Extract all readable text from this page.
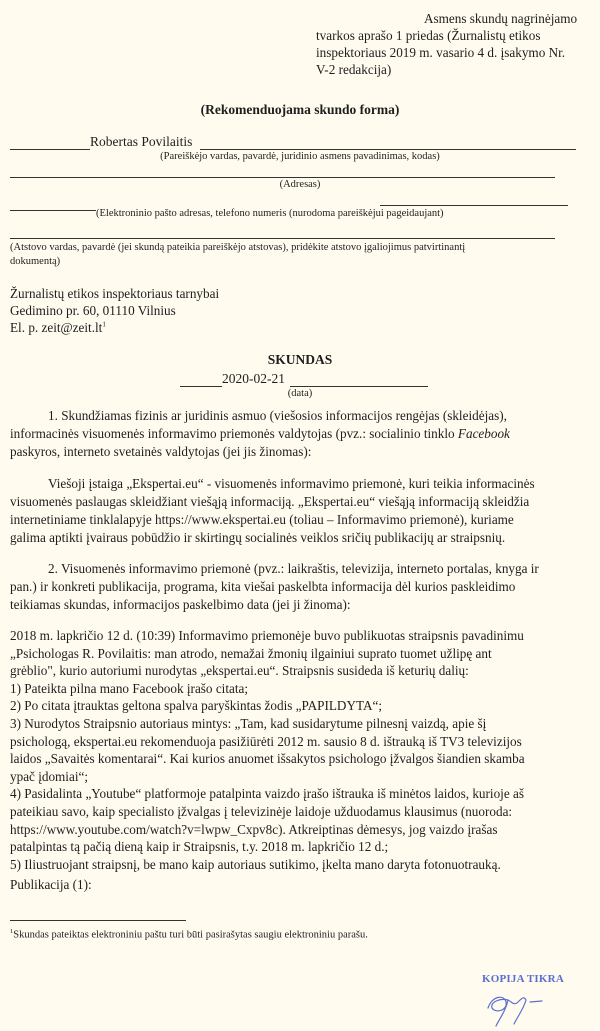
Asmens skundų nagrinėjamo
tvarkos aprašo 1 priedas (Žurnalistų etikos
inspektoriaus 2019 m. vasario 4 d. įsakymo Nr.
V-2 redakcija)
(Rekomenduojama skundo forma)
Robertas Povilaitis
(Pareiškėjo vardas, pavardė, juridinio asmens pavadinimas, kodas)
(Adresas)
(Elektroninio pašto adresas, telefono numeris (nurodoma pareiškėjui pageidaujant)
(Atstovo vardas, pavardė (jei skundą pateikia pareiškėjo atstovas), pridėkite atstovo įgaliojimus patvirtinantį
dokumentą)
Žurnalistų etikos inspektoriaus tarnybai
Gedimino pr. 60, 01110 Vilnius
El. p. $zeit@zeit.lt^1$
SKUNDAS
2020-02-21
(data)
1. Skundžiamas fizinis ar juridinis asmuo (viešosios informacijos rengėjas (skleidėjas),
informacinės visuomenės informavimo priemonės valdytojas (pvz.: socialinio tinklo Facebook
paskyros, interneto svetainės valdytojas (jei jis žinomas):
Viešoji įstaiga „Ekspertai.eu“ - visuomenės informavimo priemonė, kuri teikia informacinės
visuomenės paslaugas skleidžiant viešąją informaciją. „Ekspertai.eu“ viešąją informaciją skleidžia
internetiniame tinklalapyje https://www.ekspertai.eu (toliau – Informavimo priemonė), kuriame
galima aptikti įvairaus pobūdžio ir skirtingų socialinės veiklos sričių publikacijų ar straipsnių.
2. Visuomenės informavimo priemonė (pvz.: laikraštis, televizija, interneto portalas, knyga ir
pan.) ir konkreti publikacija, programa, kita viešai paskelbta informacija dėl kurios paskleidimo
teikiamas skundas, informacijos paskelbimo data (jei ji žinoma):
2018 m. lapkričio 12 d. (10:39) Informavimo priemonėje buvo publikuotas straipsnis pavadinimu
„Psichologas R. Povilaitis: man atrodo, nemažai žmonių ilgainiui suprato tuomet užlipę ant
grėblio", kurio autoriumi nurodytas „ekspertai.eu“. Straipsnis susideda iš keturių dalių:
1) Pateikta pilna mano Facebook įrašo citata;
2) Po citata įtrauktas geltona spalva paryškintas žodis „PAPILDYTA“;
3) Nurodytos Straipsnio autoriaus mintys: „Tam, kad susidarytume pilnesnį vaizdą, apie šį
psichologą, ekspertai.eu rekomenduoja pasižiūrėti 2012 m. sausio 8 d. ištrauką iš TV3 televizijos
laidos „Savaitės komentarai“. Kai kurios anuomet išsakytos psichologo įžvalgos šiandien skamba
ypač įdomiai“;
4) Pasidalinta „Youtube“ platformoje patalpinta vaizdo įrašo ištrauka iš minėtos laidos, kurioje aš
pateikiau savo, kaip specialisto įžvalgas į televizinėje laidoje užduodamus klausimus (nuoroda:
https://www.youtube.com/watch?v=lwpw_Cxpv8c). Atkreiptinas dėmesys, jog vaizdo įrašas
patalpintas tą pačią dieną kaip ir Straipsnis, t.y. 2018 m. lapkričio 12 d.;
5) Iliustruojant straipsnį, be mano kaip autoriaus sutikimo, įkelta mano daryta fotonuotrauką.
Publikacija (1):
$^1$Skundas pateiktas elektroniniu paštu turi būti pasirašytas saugiu elektroniniu parašu.
KOPIJA TIKRA
